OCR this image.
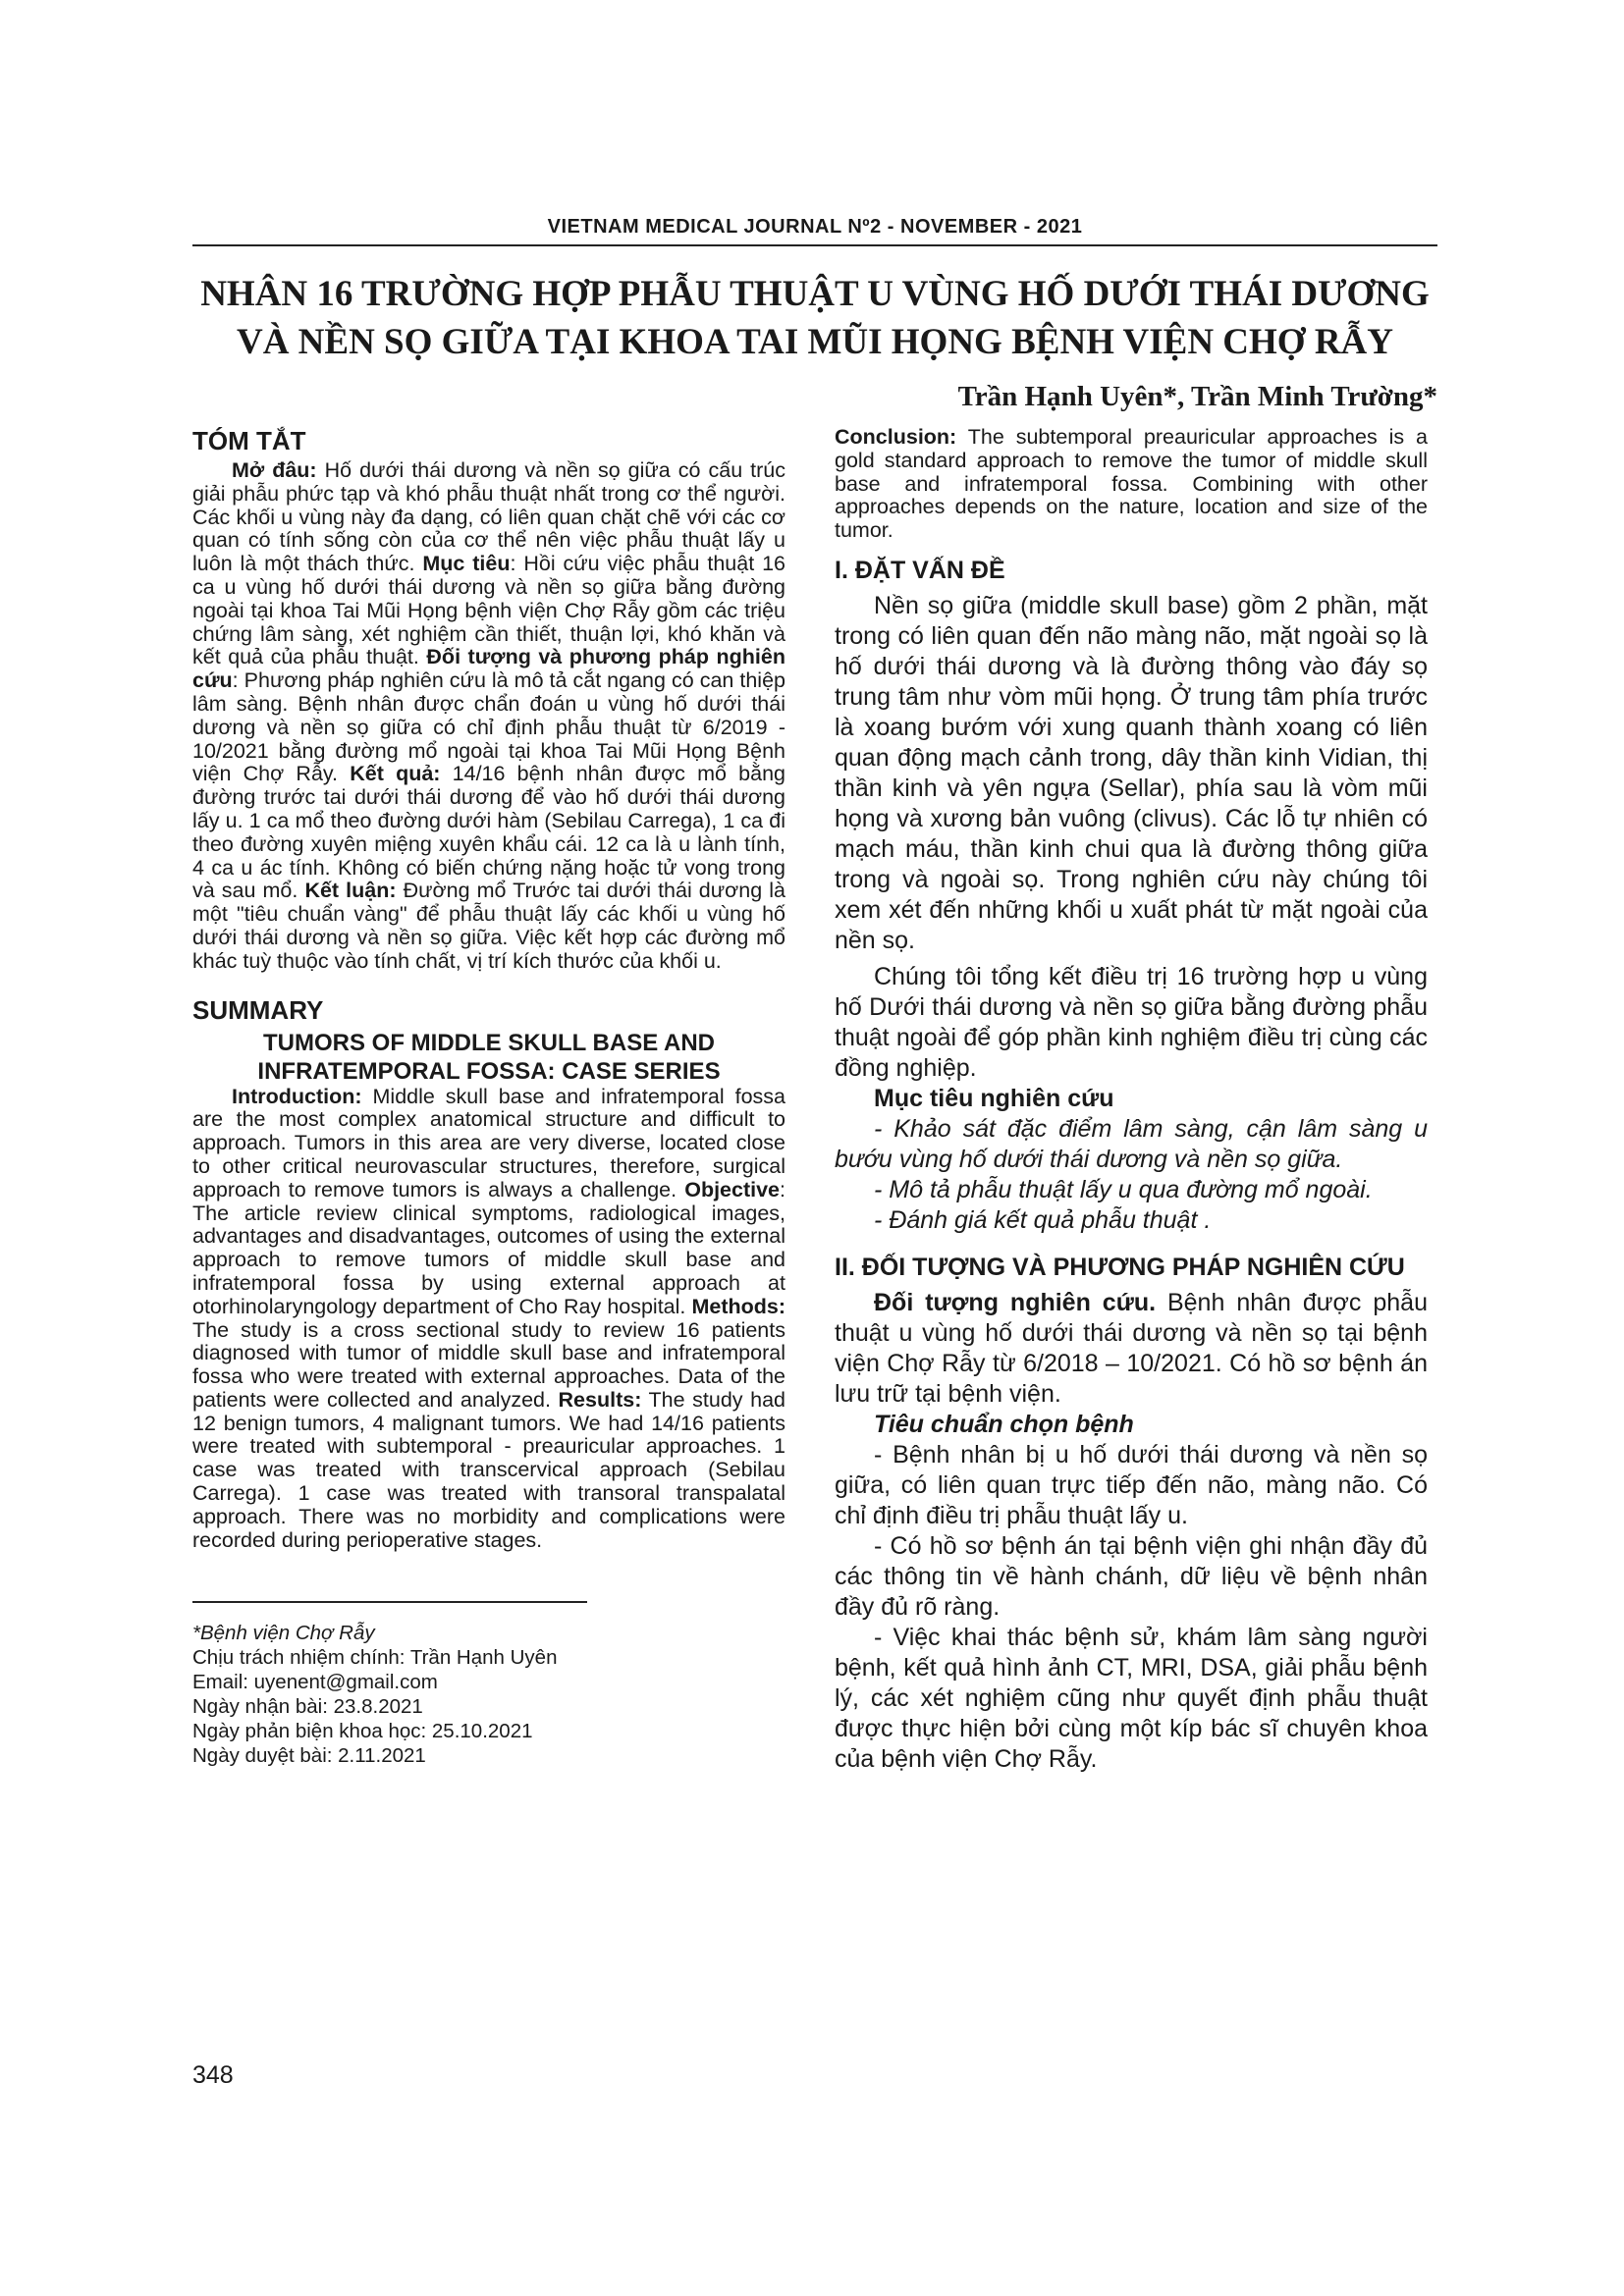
VIETNAM MEDICAL JOURNAL Nº2 - NOVEMBER - 2021
NHÂN 16 TRƯỜNG HỢP PHẪU THUẬT U VÙNG HỐ DƯỚI THÁI DƯƠNG
VÀ NỀN SỌ GIỮA TẠI KHOA TAI MŨI HỌNG BỆNH VIỆN CHỢ RẪY
Trần Hạnh Uyên*, Trần Minh Trường*
TÓM TẮT

Mở đâu: Hố dưới thái dương và nền sọ giữa có cấu trúc giải phẫu phức tạp và khó phẫu thuật nhất trong cơ thể người. Các khối u vùng này đa dạng, có liên quan chặt chẽ với các cơ quan có tính sống còn của cơ thể nên việc phẫu thuật lấy u luôn là một thách thức. Mục tiêu: Hồi cứu việc phẫu thuật 16 ca u vùng hố dưới thái dương và nền sọ giữa bằng đường ngoài tại khoa Tai Mũi Họng bệnh viện Chợ Rẫy gồm các triệu chứng lâm sàng, xét nghiệm cần thiết, thuận lợi, khó khăn và kết quả của phẫu thuật. Đối tượng và phương pháp nghiên cứu: Phương pháp nghiên cứu là mô tả cắt ngang có can thiệp lâm sàng. Bệnh nhân được chẩn đoán u vùng hố dưới thái dương và nền sọ giữa có chỉ định phẫu thuật từ 6/2019 - 10/2021 bằng đường mổ ngoài tại khoa Tai Mũi Họng Bệnh viện Chợ Rẫy. Kết quả: 14/16 bệnh nhân được mổ bằng đường trước tai dưới thái dương để vào hố dưới thái dương lấy u. 1 ca mổ theo đường dưới hàm (Sebilau Carrega), 1 ca đi theo đường xuyên miệng xuyên khẩu cái. 12 ca là u lành tính, 4 ca u ác tính. Không có biến chứng nặng hoặc tử vong trong và sau mổ. Kết luận: Đường mổ Trước tai dưới thái dương là một "tiêu chuẩn vàng" để phẫu thuật lấy các khối u vùng hố dưới thái dương và nền sọ giữa. Việc kết hợp các đường mổ khác tuỳ thuộc vào tính chất, vị trí kích thước của khối u.

SUMMARY
TUMORS OF MIDDLE SKULL BASE AND
INFRATEMPORAL FOSSA: CASE SERIES

Introduction: Middle skull base and infratemporal fossa are the most complex anatomical structure and difficult to approach. Tumors in this area are very diverse, located close to other critical neurovascular structures, therefore, surgical approach to remove tumors is always a challenge. Objective: The article review clinical symptoms, radiological images, advantages and disadvantages, outcomes of using the external approach to remove tumors of middle skull base and infratemporal fossa by using external approach at otorhinolaryngology department of Cho Ray hospital. Methods: The study is a cross sectional study to review 16 patients diagnosed with tumor of middle skull base and infratemporal fossa who were treated with external approaches. Data of the patients were collected and analyzed. Results: The study had 12 benign tumors, 4 malignant tumors. We had 14/16 patients were treated with subtemporal - preauricular approaches. 1 case was treated with transcervical approach (Sebilau Carrega). 1 case was treated with transoral transpalatal approach. There was no morbidity and complications were recorded during perioperative stages.

*Bệnh viện Chợ Rẫy
Chịu trách nhiệm chính: Trần Hạnh Uyên
Email: uyenent@gmail.com
Ngày nhận bài: 23.8.2021
Ngày phản biện khoa học: 25.10.2021
Ngày duyệt bài: 2.11.2021

Conclusion: The subtemporal preauricular approaches is a gold standard approach to remove the tumor of middle skull base and infratemporal fossa. Combining with other approaches depends on the nature, location and size of the tumor.

I. ĐẶT VẤN ĐỀ

Nền sọ giữa (middle skull base) gồm 2 phần, mặt trong có liên quan đến não màng não, mặt ngoài sọ là hố dưới thái dương và là đường thông vào đáy sọ trung tâm như vòm mũi họng. Ở trung tâm phía trước là xoang bướm với xung quanh thành xoang có liên quan động mạch cảnh trong, dây thần kinh Vidian, thị thần kinh và yên ngựa (Sellar), phía sau là vòm mũi họng và xương bản vuông (clivus). Các lỗ tự nhiên có mạch máu, thần kinh chui qua là đường thông giữa trong và ngoài sọ. Trong nghiên cứu này chúng tôi xem xét đến những khối u xuất phát từ mặt ngoài của nền sọ.

Chúng tôi tổng kết điều trị 16 trường hợp u vùng hố Dưới thái dương và nền sọ giữa bằng đường phẫu thuật ngoài để góp phần kinh nghiệm điều trị cùng các đồng nghiệp.

Mục tiêu nghiên cứu

- Khảo sát đặc điểm lâm sàng, cận lâm sàng u bướu vùng hố dưới thái dương và nền sọ giữa.

- Mô tả phẫu thuật lấy u qua đường mổ ngoài.

- Đánh giá kết quả phẫu thuật .

II. ĐỐI TƯỢNG VÀ PHƯƠNG PHÁP NGHIÊN CỨU

Đối tượng nghiên cứu. Bệnh nhân được phẫu thuật u vùng hố dưới thái dương và nền sọ tại bệnh viện Chợ Rẫy từ 6/2018 – 10/2021. Có hồ sơ bệnh án lưu trữ tại bệnh viện.

Tiêu chuẩn chọn bệnh

- Bệnh nhân bị u hố dưới thái dương và nền sọ giữa, có liên quan trực tiếp đến não, màng não. Có chỉ định điều trị phẫu thuật lấy u.

- Có hồ sơ bệnh án tại bệnh viện ghi nhận đầy đủ các thông tin về hành chánh, dữ liệu về bệnh nhân đầy đủ rõ ràng.

- Việc khai thác bệnh sử, khám lâm sàng người bệnh, kết quả hình ảnh CT, MRI, DSA, giải phẫu bệnh lý, các xét nghiệm cũng như quyết định phẫu thuật được thực hiện bởi cùng một kíp bác sĩ chuyên khoa của bệnh viện Chợ Rẫy.

348
